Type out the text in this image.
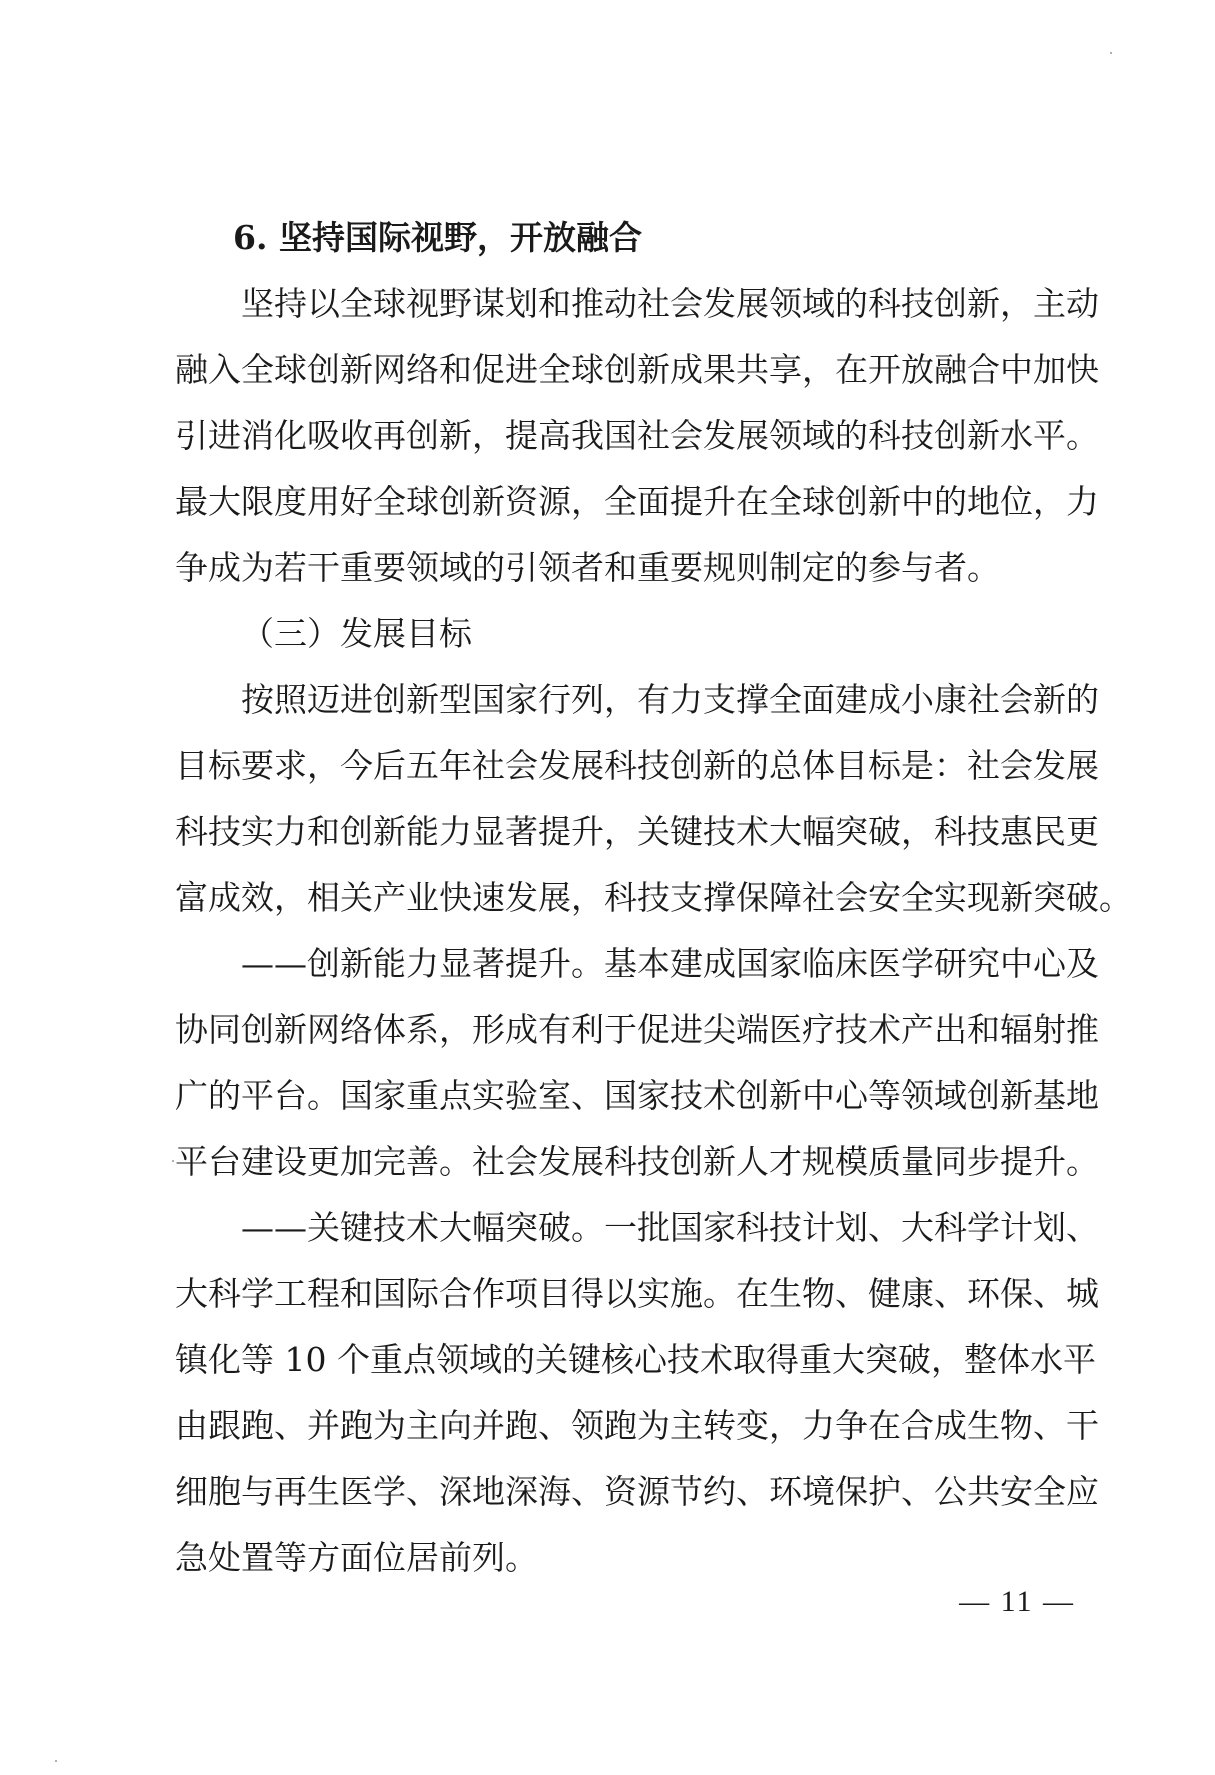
6. 坚持国际视野，开放融合
坚持以全球视野谋划和推动社会发展领域的科技创新，主动
融入全球创新网络和促进全球创新成果共享，在开放融合中加快
引进消化吸收再创新，提高我国社会发展领域的科技创新水平。
最大限度用好全球创新资源，全面提升在全球创新中的地位，力
争成为若干重要领域的引领者和重要规则制定的参与者。
（三）发展目标
按照迈进创新型国家行列，有力支撑全面建成小康社会新的
目标要求，今后五年社会发展科技创新的总体目标是：社会发展
科技实力和创新能力显著提升，关键技术大幅突破，科技惠民更
富成效，相关产业快速发展，科技支撑保障社会安全实现新突破。
——创新能力显著提升。基本建成国家临床医学研究中心及
协同创新网络体系，形成有利于促进尖端医疗技术产出和辐射推
广的平台。国家重点实验室、国家技术创新中心等领域创新基地
平台建设更加完善。社会发展科技创新人才规模质量同步提升。
——关键技术大幅突破。一批国家科技计划、大科学计划、
大科学工程和国际合作项目得以实施。在生物、健康、环保、城
镇化等 10 个重点领域的关键核心技术取得重大突破，整体水平
由跟跑、并跑为主向并跑、领跑为主转变，力争在合成生物、干
细胞与再生医学、深地深海、资源节约、环境保护、公共安全应
急处置等方面位居前列。
— 11 —
